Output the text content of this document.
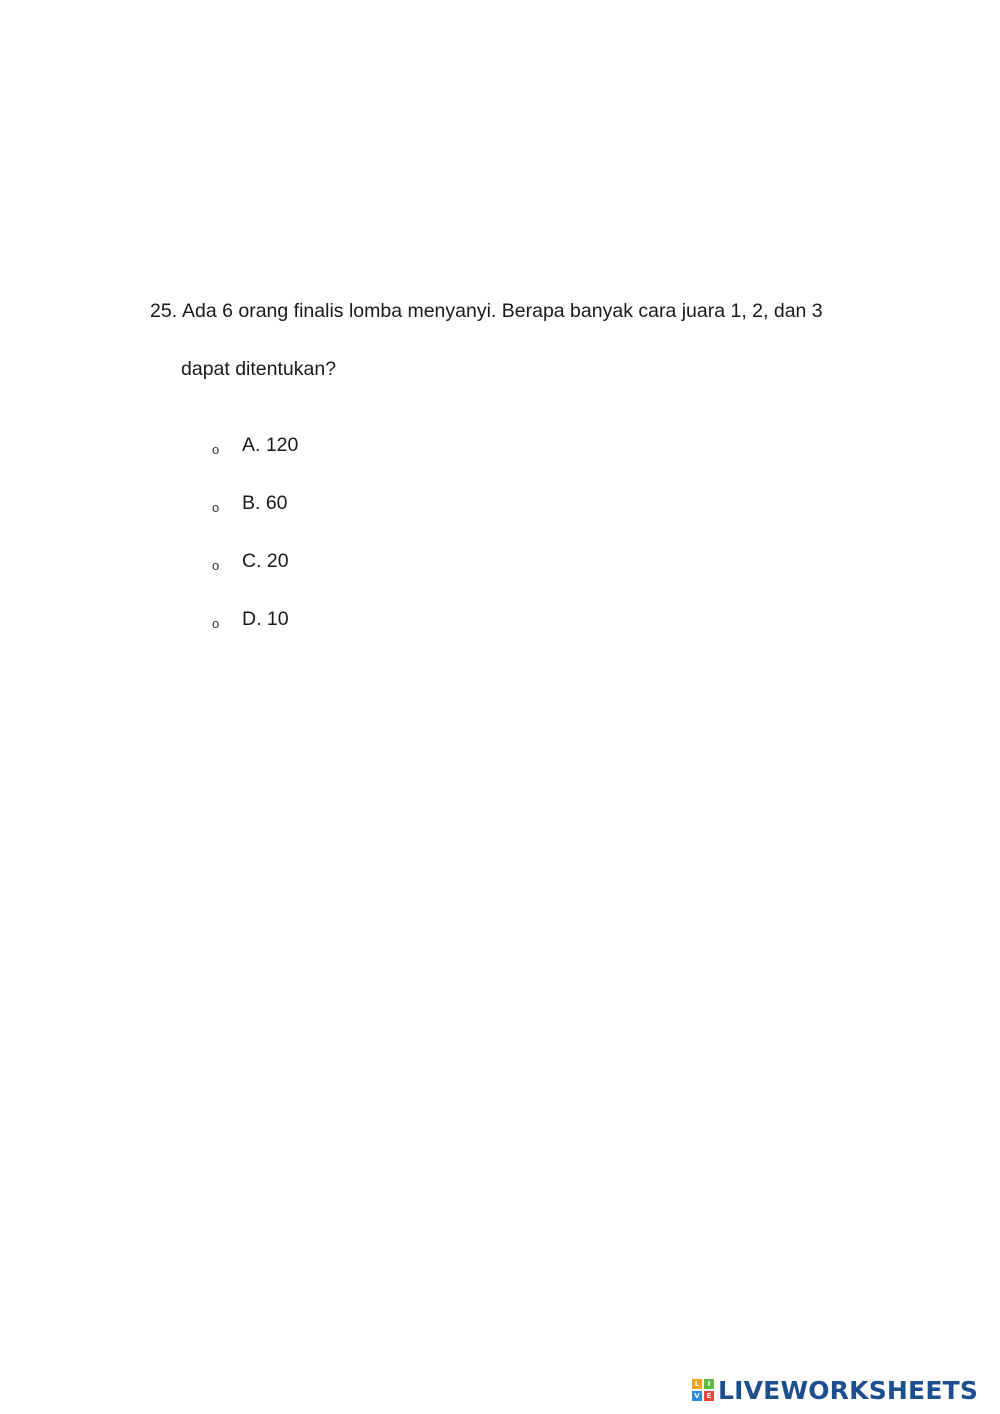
25. Ada 6 orang finalis lomba menyanyi. Berapa banyak cara juara 1, 2, dan 3
dapat ditentukan?
o	A. 120
o	B. 60
o	C. 20
o	D. 10
L	I
V E LIVEWORKSHEETS
